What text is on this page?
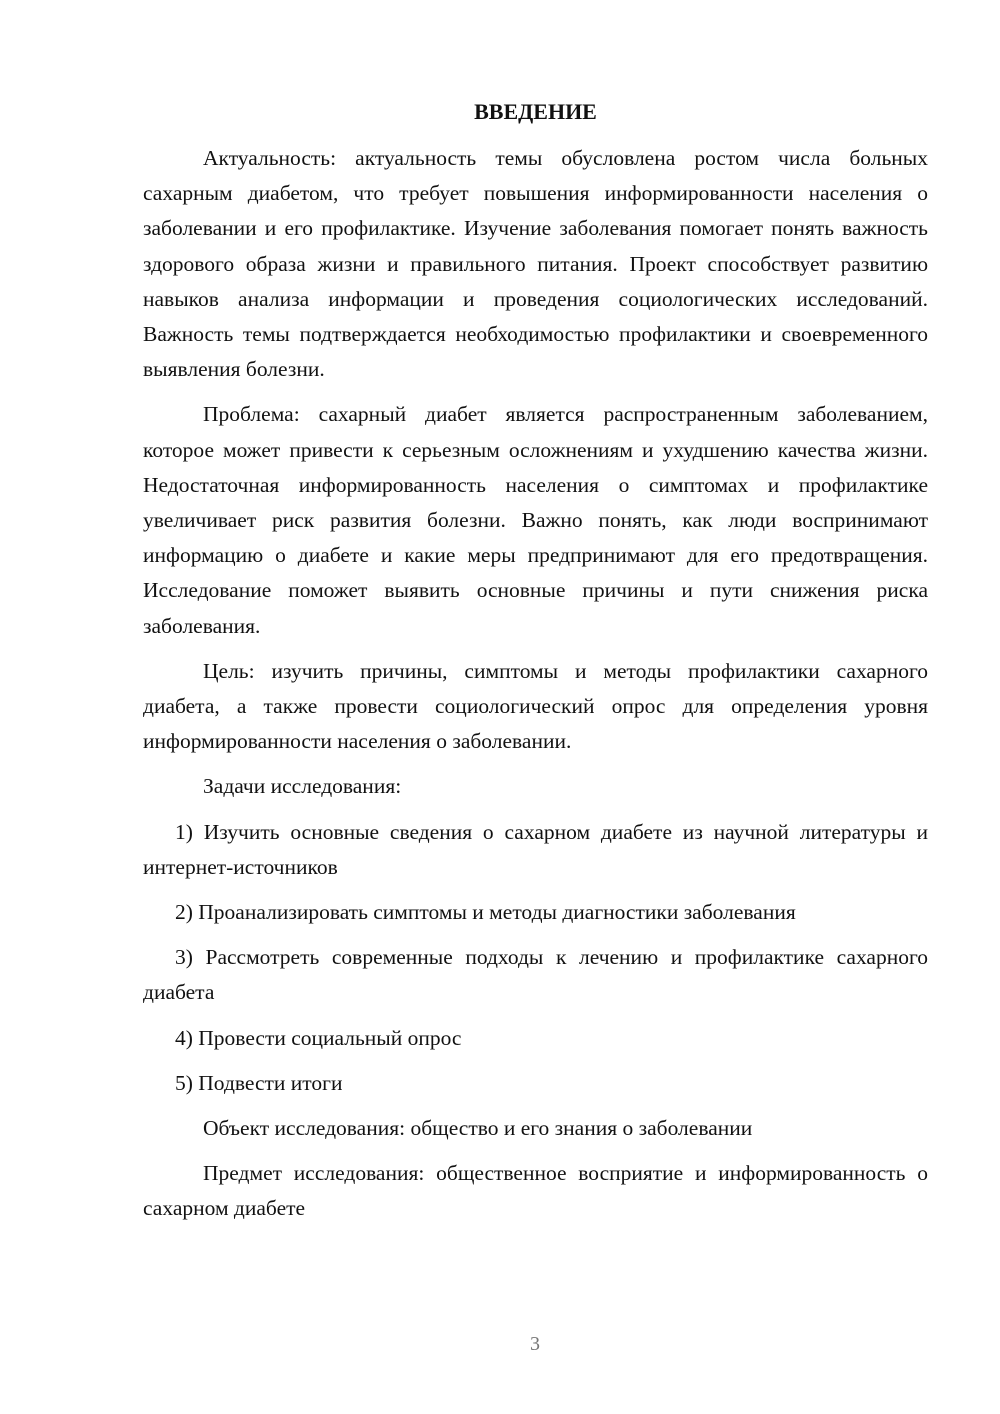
ВВЕДЕНИЕ

Актуальность: актуальность темы обусловлена ростом числа больных сахарным диабетом, что требует повышения информированности населения о заболевании и его профилактике. Изучение заболевания помогает понять важность здорового образа жизни и правильного питания. Проект способствует развитию навыков анализа информации и проведения социологических исследований. Важность темы подтверждается необходимостью профилактики и своевременного выявления болезни.

Проблема: сахарный диабет является распространенным заболеванием, которое может привести к серьезным осложнениям и ухудшению качества жизни. Недостаточная информированность населения о симптомах и профилактике увеличивает риск развития болезни. Важно понять, как люди воспринимают информацию о диабете и какие меры предпринимают для его предотвращения. Исследование поможет выявить основные причины и пути снижения риска заболевания.

Цель: изучить причины, симптомы и методы профилактики сахарного диабета, а также провести социологический опрос для определения уровня информированности населения о заболевании.

Задачи исследования:

1) Изучить основные сведения о сахарном диабете из научной литературы и интернет-источников

2) Проанализировать симптомы и методы диагностики заболевания

3) Рассмотреть современные подходы к лечению и профилактике сахарного диабета

4) Провести социальный опрос

5) Подвести итоги

Объект исследования: общество и его знания о заболевании

Предмет исследования: общественное восприятие и информированность о сахарном диабете

3
